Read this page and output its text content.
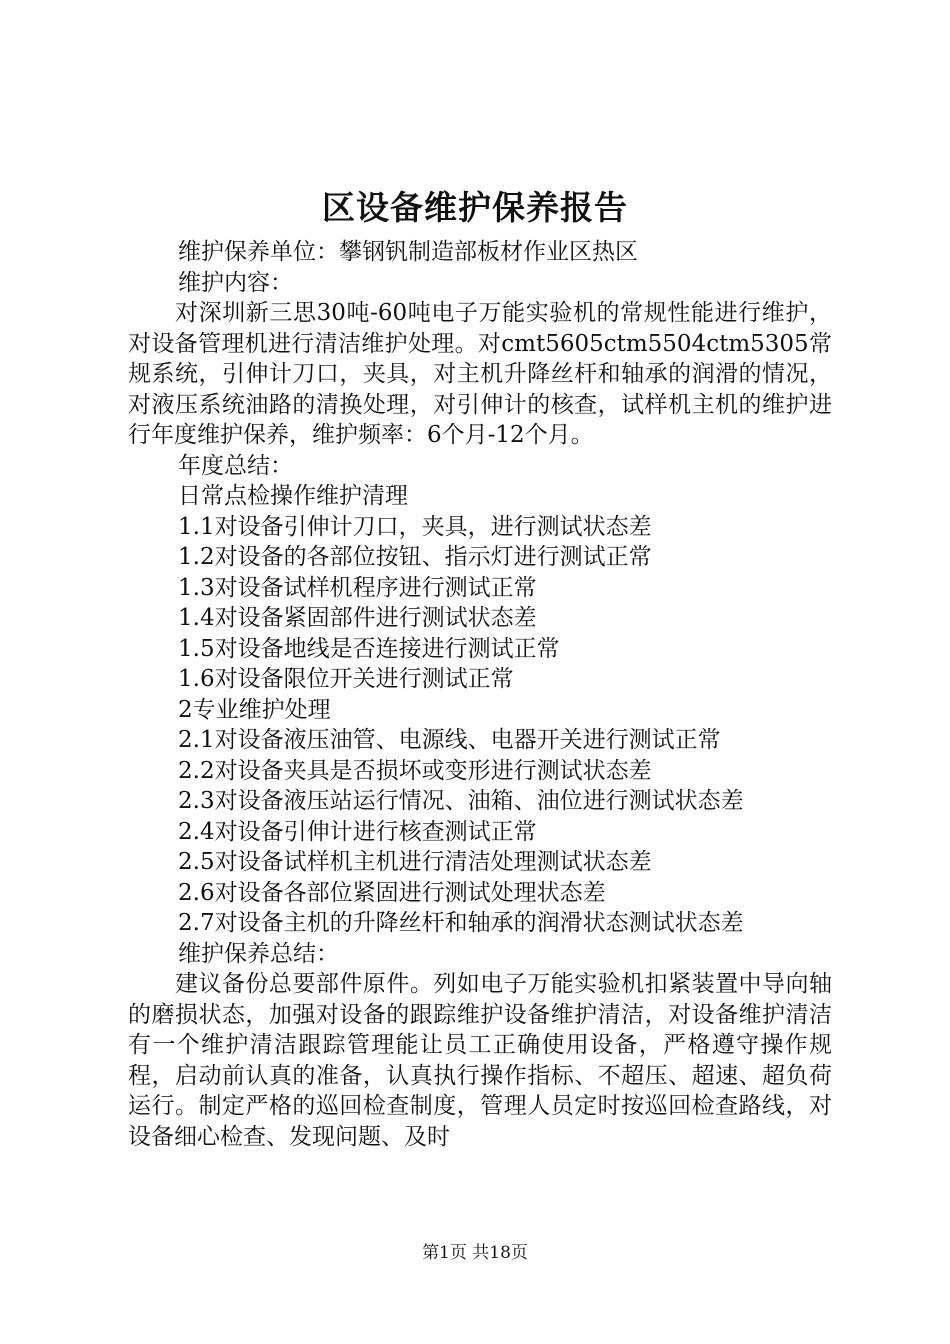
区设备维护保养报告

维护保养单位：攀钢钒制造部板材作业区热区

维护内容：

对深圳新三思30吨-60吨电子万能实验机的常规性能进行维护，对设备管理机进行清洁维护处理。对cmt5605ctm5504ctm5305常规系统，引伸计刀口，夹具，对主机升降丝杆和轴承的润滑的情况，对液压系统油路的清换处理，对引伸计的核查，试样机主机的维护进行年度维护保养，维护频率：6个月-12个月。

年度总结：

日常点检操作维护清理

1.1对设备引伸计刀口，夹具，进行测试状态差

1.2对设备的各部位按钮、指示灯进行测试正常

1.3对设备试样机程序进行测试正常

1.4对设备紧固部件进行测试状态差

1.5对设备地线是否连接进行测试正常

1.6对设备限位开关进行测试正常

2专业维护处理

2.1对设备液压油管、电源线、电器开关进行测试正常

2.2对设备夹具是否损坏或变形进行测试状态差

2.3对设备液压站运行情况、油箱、油位进行测试状态差

2.4对设备引伸计进行核查测试正常

2.5对设备试样机主机进行清洁处理测试状态差

2.6对设备各部位紧固进行测试处理状态差

2.7对设备主机的升降丝杆和轴承的润滑状态测试状态差

维护保养总结：

建议备份总要部件原件。列如电子万能实验机扣紧装置中导向轴的磨损状态，加强对设备的跟踪维护设备维护清洁，对设备维护清洁有一个维护清洁跟踪管理能让员工正确使用设备，严格遵守操作规程，启动前认真的准备，认真执行操作指标、不超压、超速、超负荷运行。制定严格的巡回检查制度，管理人员定时按巡回检查路线，对设备细心检查、发现问题、及时

第1页 共18页
